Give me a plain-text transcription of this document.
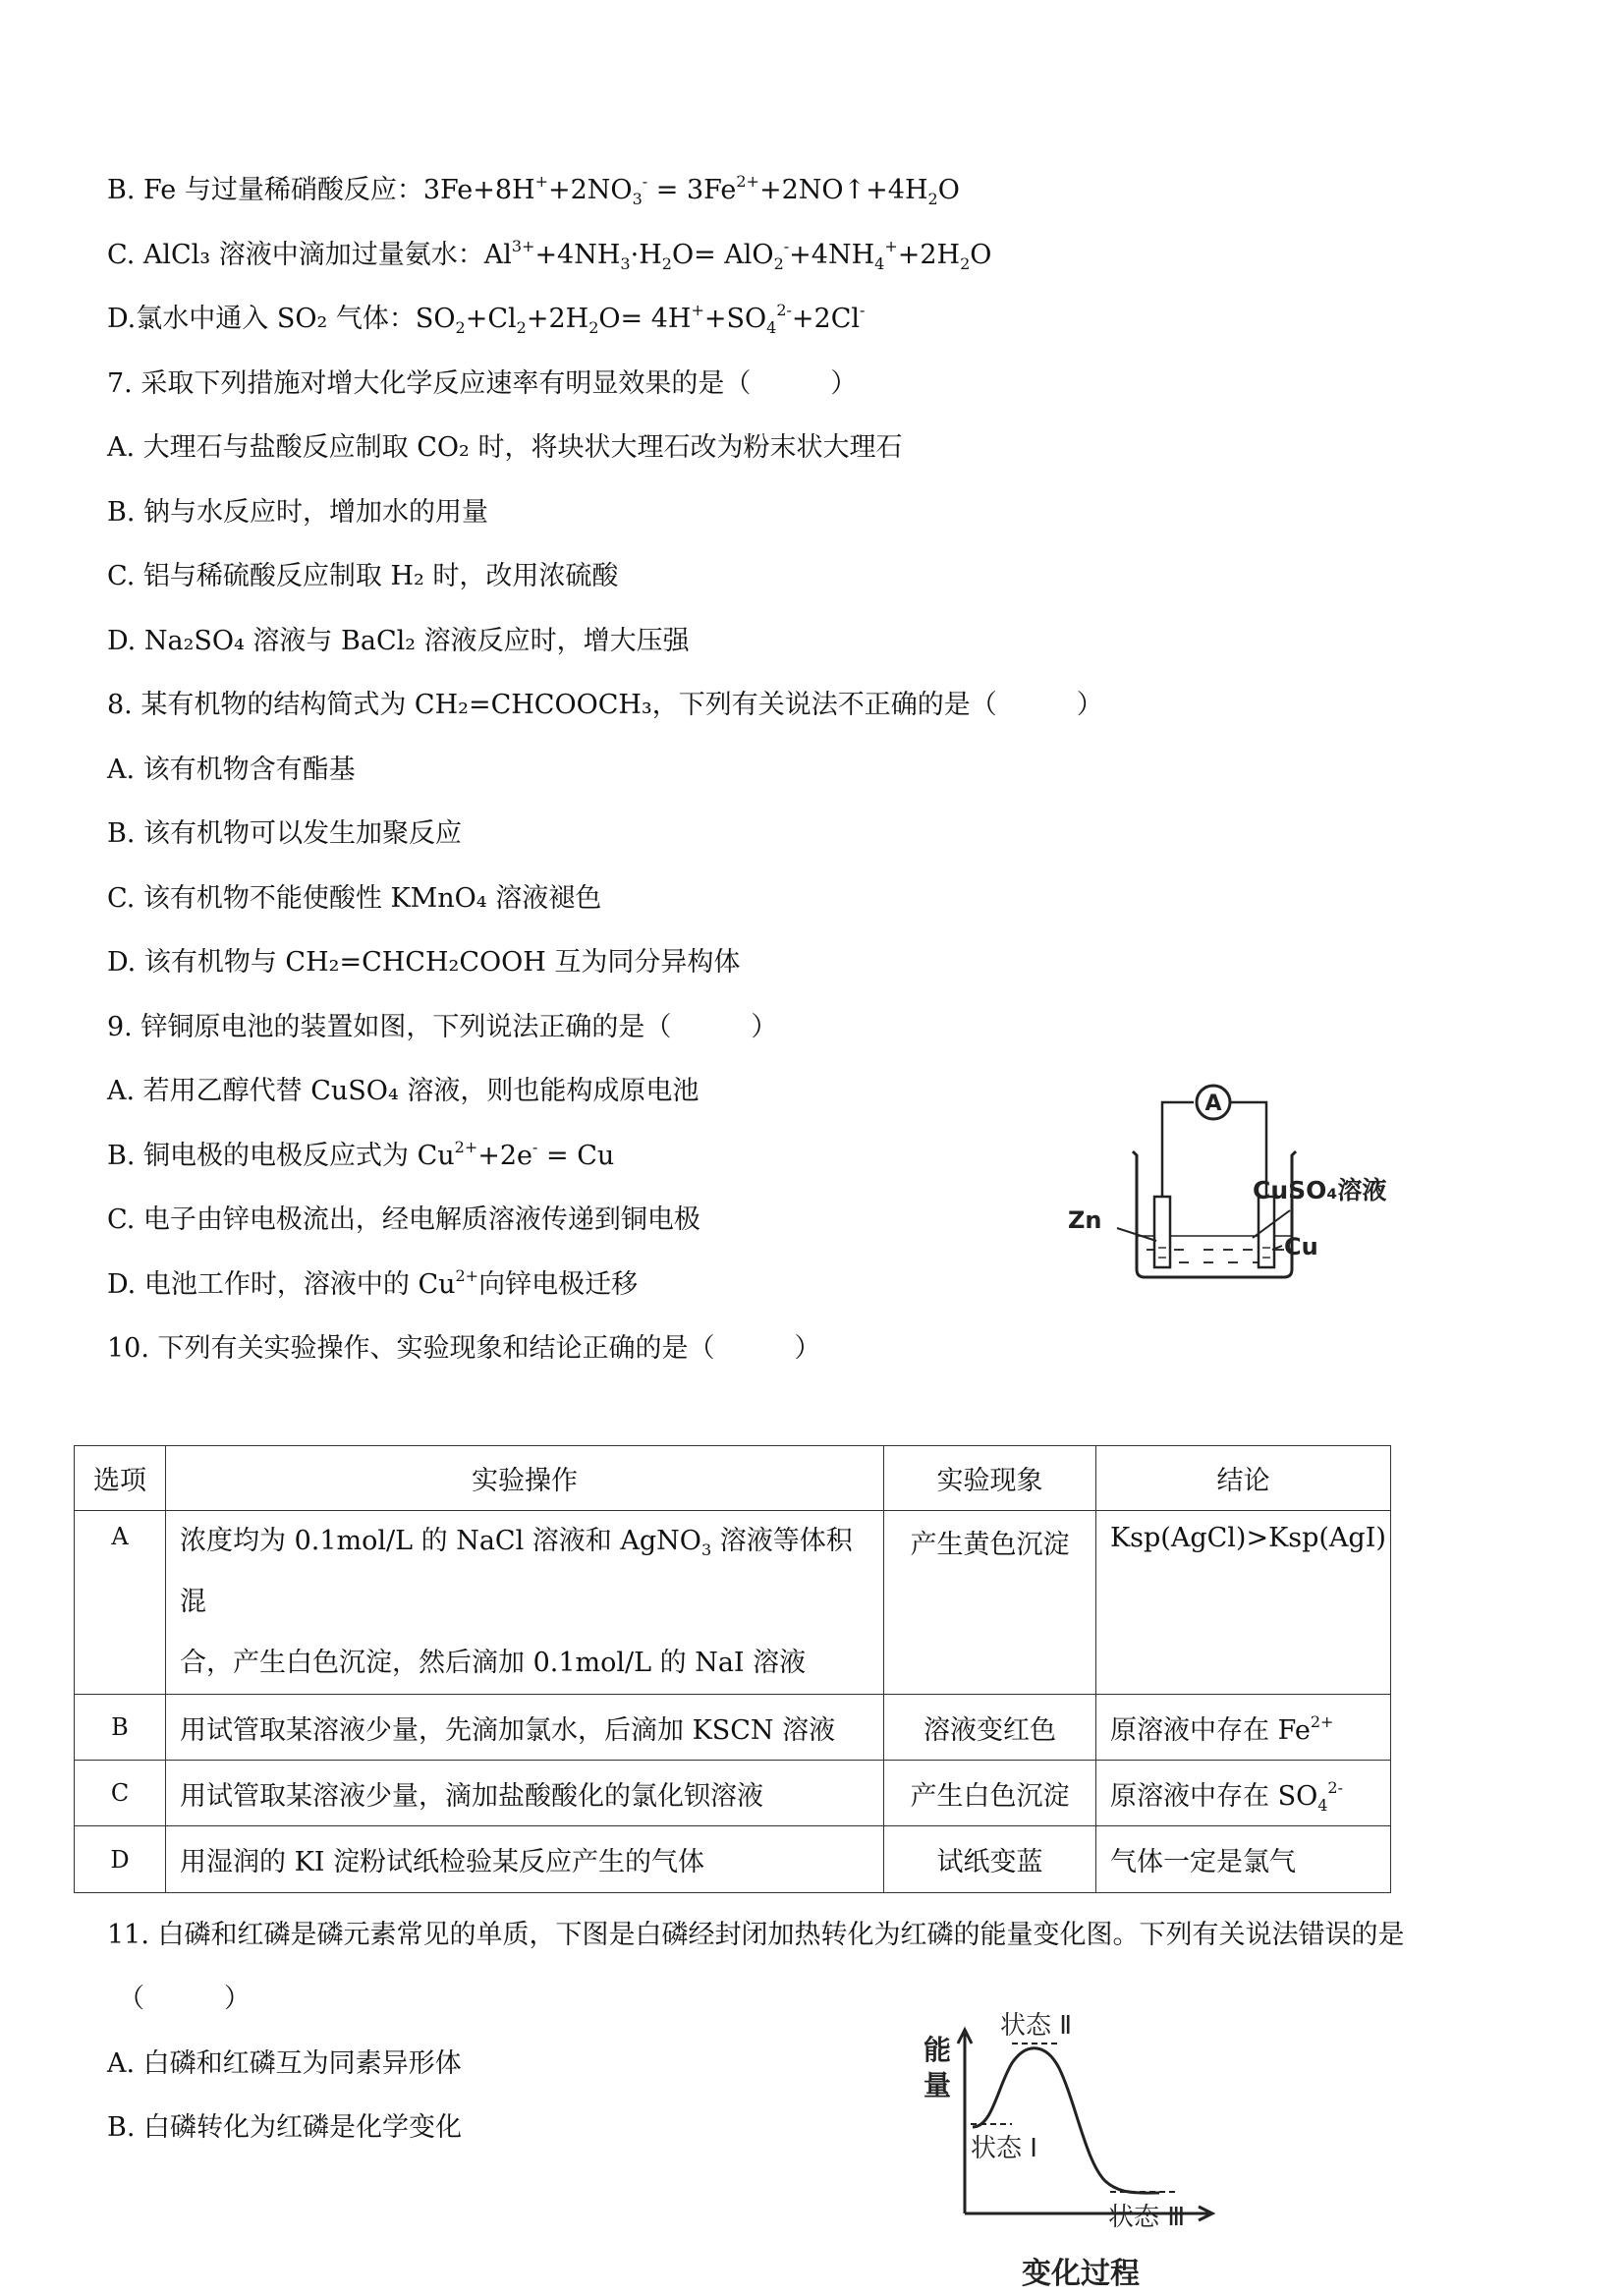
B. Fe 与过量稀硝酸反应：$3Fe+8H^++2NO_3^-$ = $3Fe^{2+}+2NO↑+4H_2O$
C. AlCl₃ 溶液中滴加过量氨水：$Al^{3+}+4NH_3\cdot H_2O= AlO_2^-+4NH_4^++2H_2O$
D.氯水中通入 SO₂ 气体：$SO_2+Cl_2+2H_2O= 4H^++SO_4^{2-}+2Cl^-$
7. 采取下列措施对增大化学反应速率有明显效果的是（　　　）
A. 大理石与盐酸反应制取 CO₂ 时，将块状大理石改为粉末状大理石
B. 钠与水反应时，增加水的用量
C. 铝与稀硫酸反应制取 H₂ 时，改用浓硫酸
D. Na₂SO₄ 溶液与 BaCl₂ 溶液反应时，增大压强
8. 某有机物的结构简式为 CH₂=CHCOOCH₃，下列有关说法不正确的是（　　　）
A. 该有机物含有酯基
B. 该有机物可以发生加聚反应
C. 该有机物不能使酸性 KMnO₄ 溶液褪色
D. 该有机物与 CH₂=CHCH₂COOH 互为同分异构体
9. 锌铜原电池的装置如图，下列说法正确的是（　　　）
A. 若用乙醇代替 CuSO₄ 溶液，则也能构成原电池
B. 铜电极的电极反应式为 $Cu^{2+}+2e^- = Cu$
C. 电子由锌电极流出，经电解质溶液传递到铜电极
D. 电池工作时，溶液中的 $Cu^{2+}$向锌电极迁移
A
Zn
CuSO₄溶液
Cu
10. 下列有关实验操作、实验现象和结论正确的是（　　　）
选项	实验操作	实验现象	结论
A	浓度均为 0.1mol/L 的 NaCl 溶液和 AgNO$_3$ 溶液等体积混
合，产生白色沉淀，然后滴加 0.1mol/L 的 NaI 溶液	产生黄色沉淀	Ksp(AgCl)>Ksp(AgI)
B	用试管取某溶液少量，先滴加氯水，后滴加 KSCN 溶液	溶液变红色	原溶液中存在 $Fe^{2+}$
C	用试管取某溶液少量，滴加盐酸酸化的氯化钡溶液	产生白色沉淀	原溶液中存在 $SO_4^{2-}$
D	用湿润的 KI 淀粉试纸检验某反应产生的气体	试纸变蓝	气体一定是氯气
11. 白磷和红磷是磷元素常见的单质，下图是白磷经封闭加热转化为红磷的能量变化图。下列有关说法错误的是
（　　　）
A. 白磷和红磷互为同素异形体
B. 白磷转化为红磷是化学变化
能
量
状态 Ⅱ
状态 Ⅰ
状态 Ⅲ
变化过程
